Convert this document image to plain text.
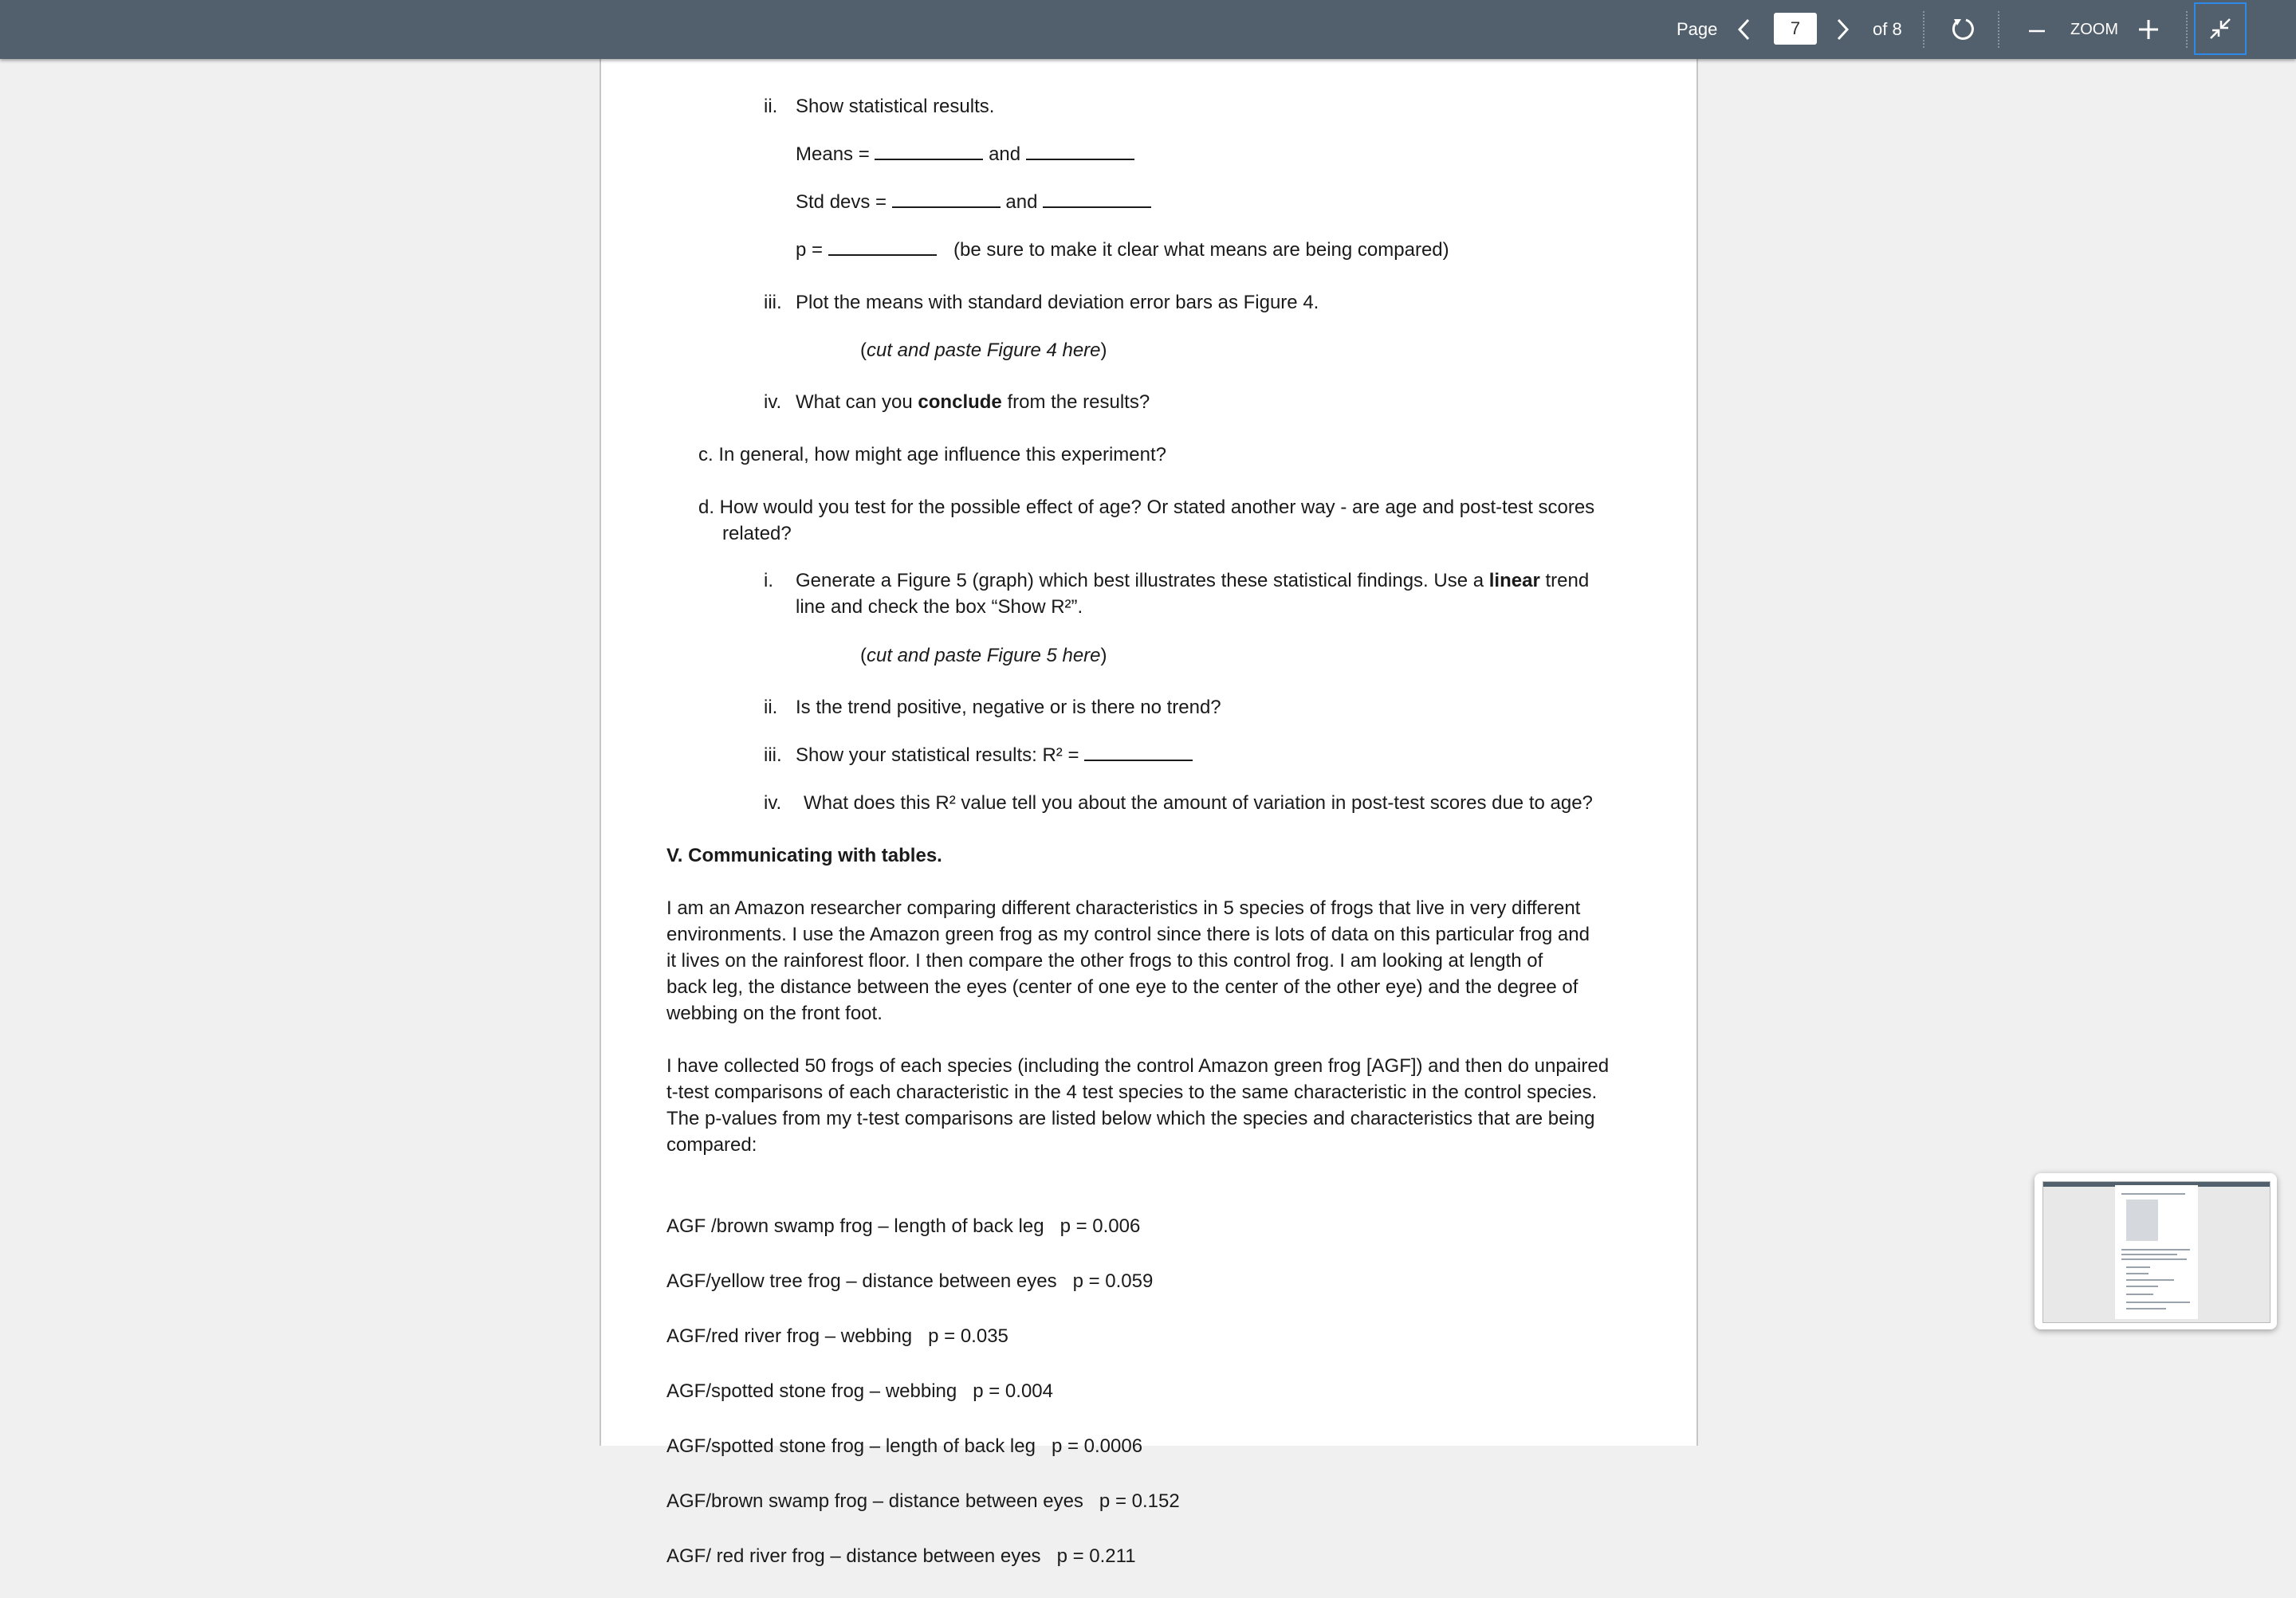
Page	7	of 8	ZOOM
ii. Show statistical results.
Means =	and
Std devs =	and
p =	(be sure to make it clear what means are being compared)
iii. Plot the means with standard deviation error bars as Figure 4.
(cut and paste Figure 4 here)
iv. What can you conclude from the results?
c. In general, how might age influence this experiment?
d. How would you test for the possible effect of age? Or stated another way - are age and post-test scores
related?
i. Generate a Figure 5 (graph) which best illustrates these statistical findings. Use a linear trend
line and check the box “Show R²”.
(cut and paste Figure 5 here)
ii. Is the trend positive, negative or is there no trend?
iii. Show your statistical results: R² =
iv. What does this R² value tell you about the amount of variation in post-test scores due to age?
V. Communicating with tables.
I am an Amazon researcher comparing different characteristics in 5 species of frogs that live in very different
environments. I use the Amazon green frog as my control since there is lots of data on this particular frog and
it lives on the rainforest floor. I then compare the other frogs to this control frog. I am looking at length of
back leg, the distance between the eyes (center of one eye to the center of the other eye) and the degree of
webbing on the front foot.
I have collected 50 frogs of each species (including the control Amazon green frog [AGF]) and then do unpaired
t-test comparisons of each characteristic in the 4 test species to the same characteristic in the control species.
The p-values from my t-test comparisons are listed below which the species and characteristics that are being
compared:

AGF /brown swamp frog – length of back leg   p = 0.006

AGF/yellow tree frog – distance between eyes   p = 0.059

AGF/red river frog – webbing   p = 0.035

AGF/spotted stone frog – webbing   p = 0.004

AGF/spotted stone frog – length of back leg   p = 0.0006

AGF/brown swamp frog – distance between eyes   p = 0.152

AGF/ red river frog – distance between eyes   p = 0.211
